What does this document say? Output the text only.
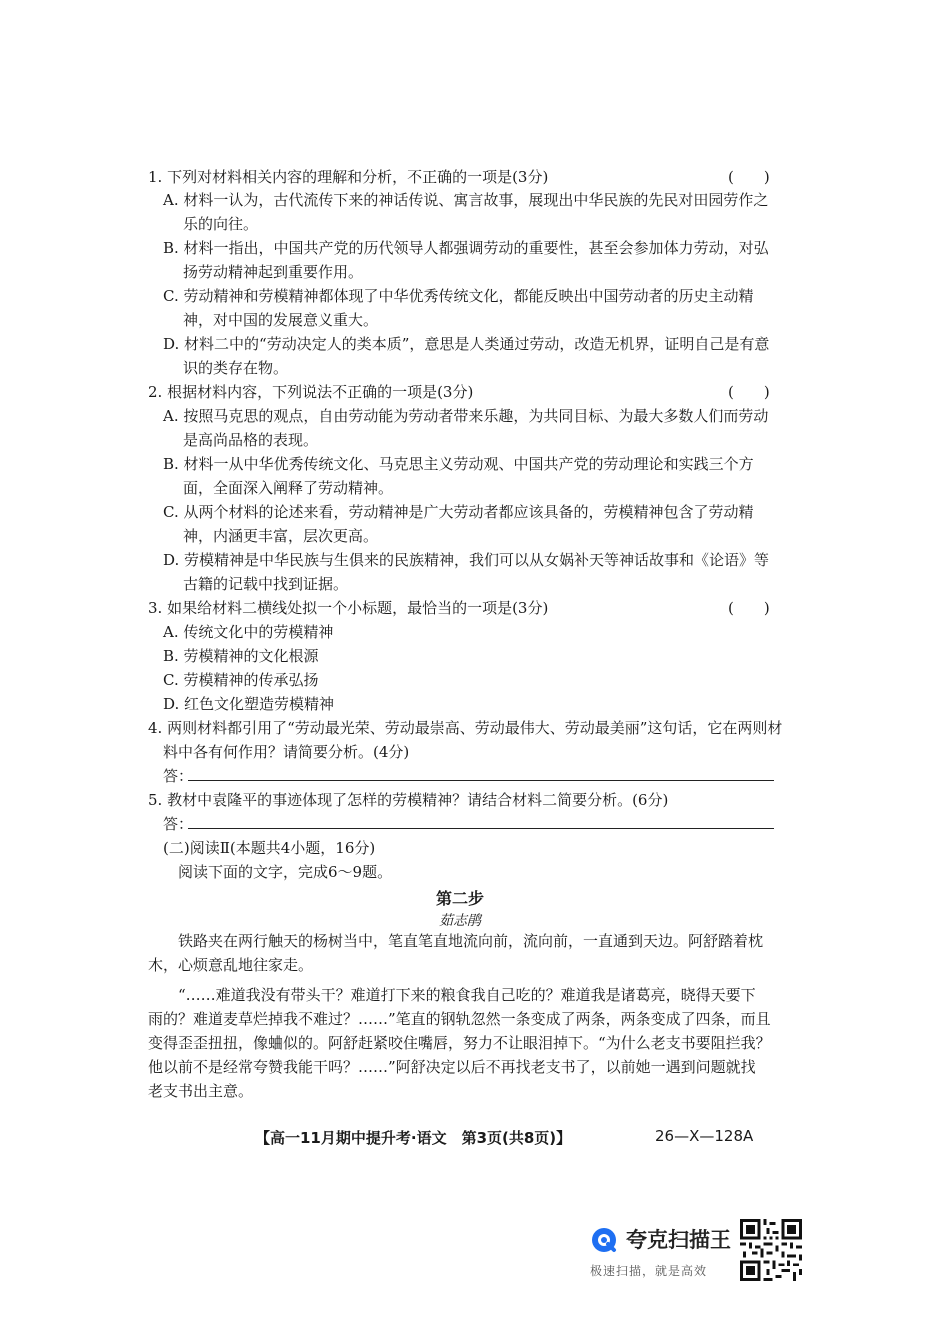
1. 下列对材料相关内容的理解和分析，不正确的一项是(3分)	(　　)
A. 材料一认为，古代流传下来的神话传说、寓言故事，展现出中华民族的先民对田园劳作之
乐的向往。
B. 材料一指出，中国共产党的历代领导人都强调劳动的重要性，甚至会参加体力劳动，对弘
扬劳动精神起到重要作用。
C. 劳动精神和劳模精神都体现了中华优秀传统文化，都能反映出中国劳动者的历史主动精
神，对中国的发展意义重大。
D. 材料二中的“劳动决定人的类本质”，意思是人类通过劳动，改造无机界，证明自己是有意
识的类存在物。
2. 根据材料内容，下列说法不正确的一项是(3分)	(　　)
A. 按照马克思的观点，自由劳动能为劳动者带来乐趣，为共同目标、为最大多数人们而劳动
是高尚品格的表现。
B. 材料一从中华优秀传统文化、马克思主义劳动观、中国共产党的劳动理论和实践三个方
面，全面深入阐释了劳动精神。
C. 从两个材料的论述来看，劳动精神是广大劳动者都应该具备的，劳模精神包含了劳动精
神，内涵更丰富，层次更高。
D. 劳模精神是中华民族与生俱来的民族精神，我们可以从女娲补天等神话故事和《论语》等
古籍的记载中找到证据。
3. 如果给材料二横线处拟一个小标题，最恰当的一项是(3分)	(　　)
A. 传统文化中的劳模精神
B. 劳模精神的文化根源
C. 劳模精神的传承弘扬
D. 红色文化塑造劳模精神
4. 两则材料都引用了“劳动最光荣、劳动最崇高、劳动最伟大、劳动最美丽”这句话，它在两则材
料中各有何作用？请简要分析。(4分)
答：
5. 教材中袁隆平的事迹体现了怎样的劳模精神？请结合材料二简要分析。(6分)
答：
(二)阅读Ⅱ(本题共4小题，16分)
阅读下面的文字，完成6～9题。
第二步
茹志鹃
　　铁路夹在两行触天的杨树当中，笔直笔直地流向前，流向前，一直通到天边。阿舒踏着枕
木，心烦意乱地往家走。
　　“……难道我没有带头干？难道打下来的粮食我自己吃的？难道我是诸葛亮，晓得天要下
雨的？难道麦草烂掉我不难过？……”笔直的钢轨忽然一条变成了两条，两条变成了四条，而且
变得歪歪扭扭，像蛐似的。阿舒赶紧咬住嘴唇，努力不让眼泪掉下。“为什么老支书要阻拦我？
他以前不是经常夸赞我能干吗？……”阿舒决定以后不再找老支书了，以前她一遇到问题就找
老支书出主意。
【高一11月期中提升考·语文　第3页(共8页)】	26—X—128A
夸克扫描王
极速扫描，就是高效
